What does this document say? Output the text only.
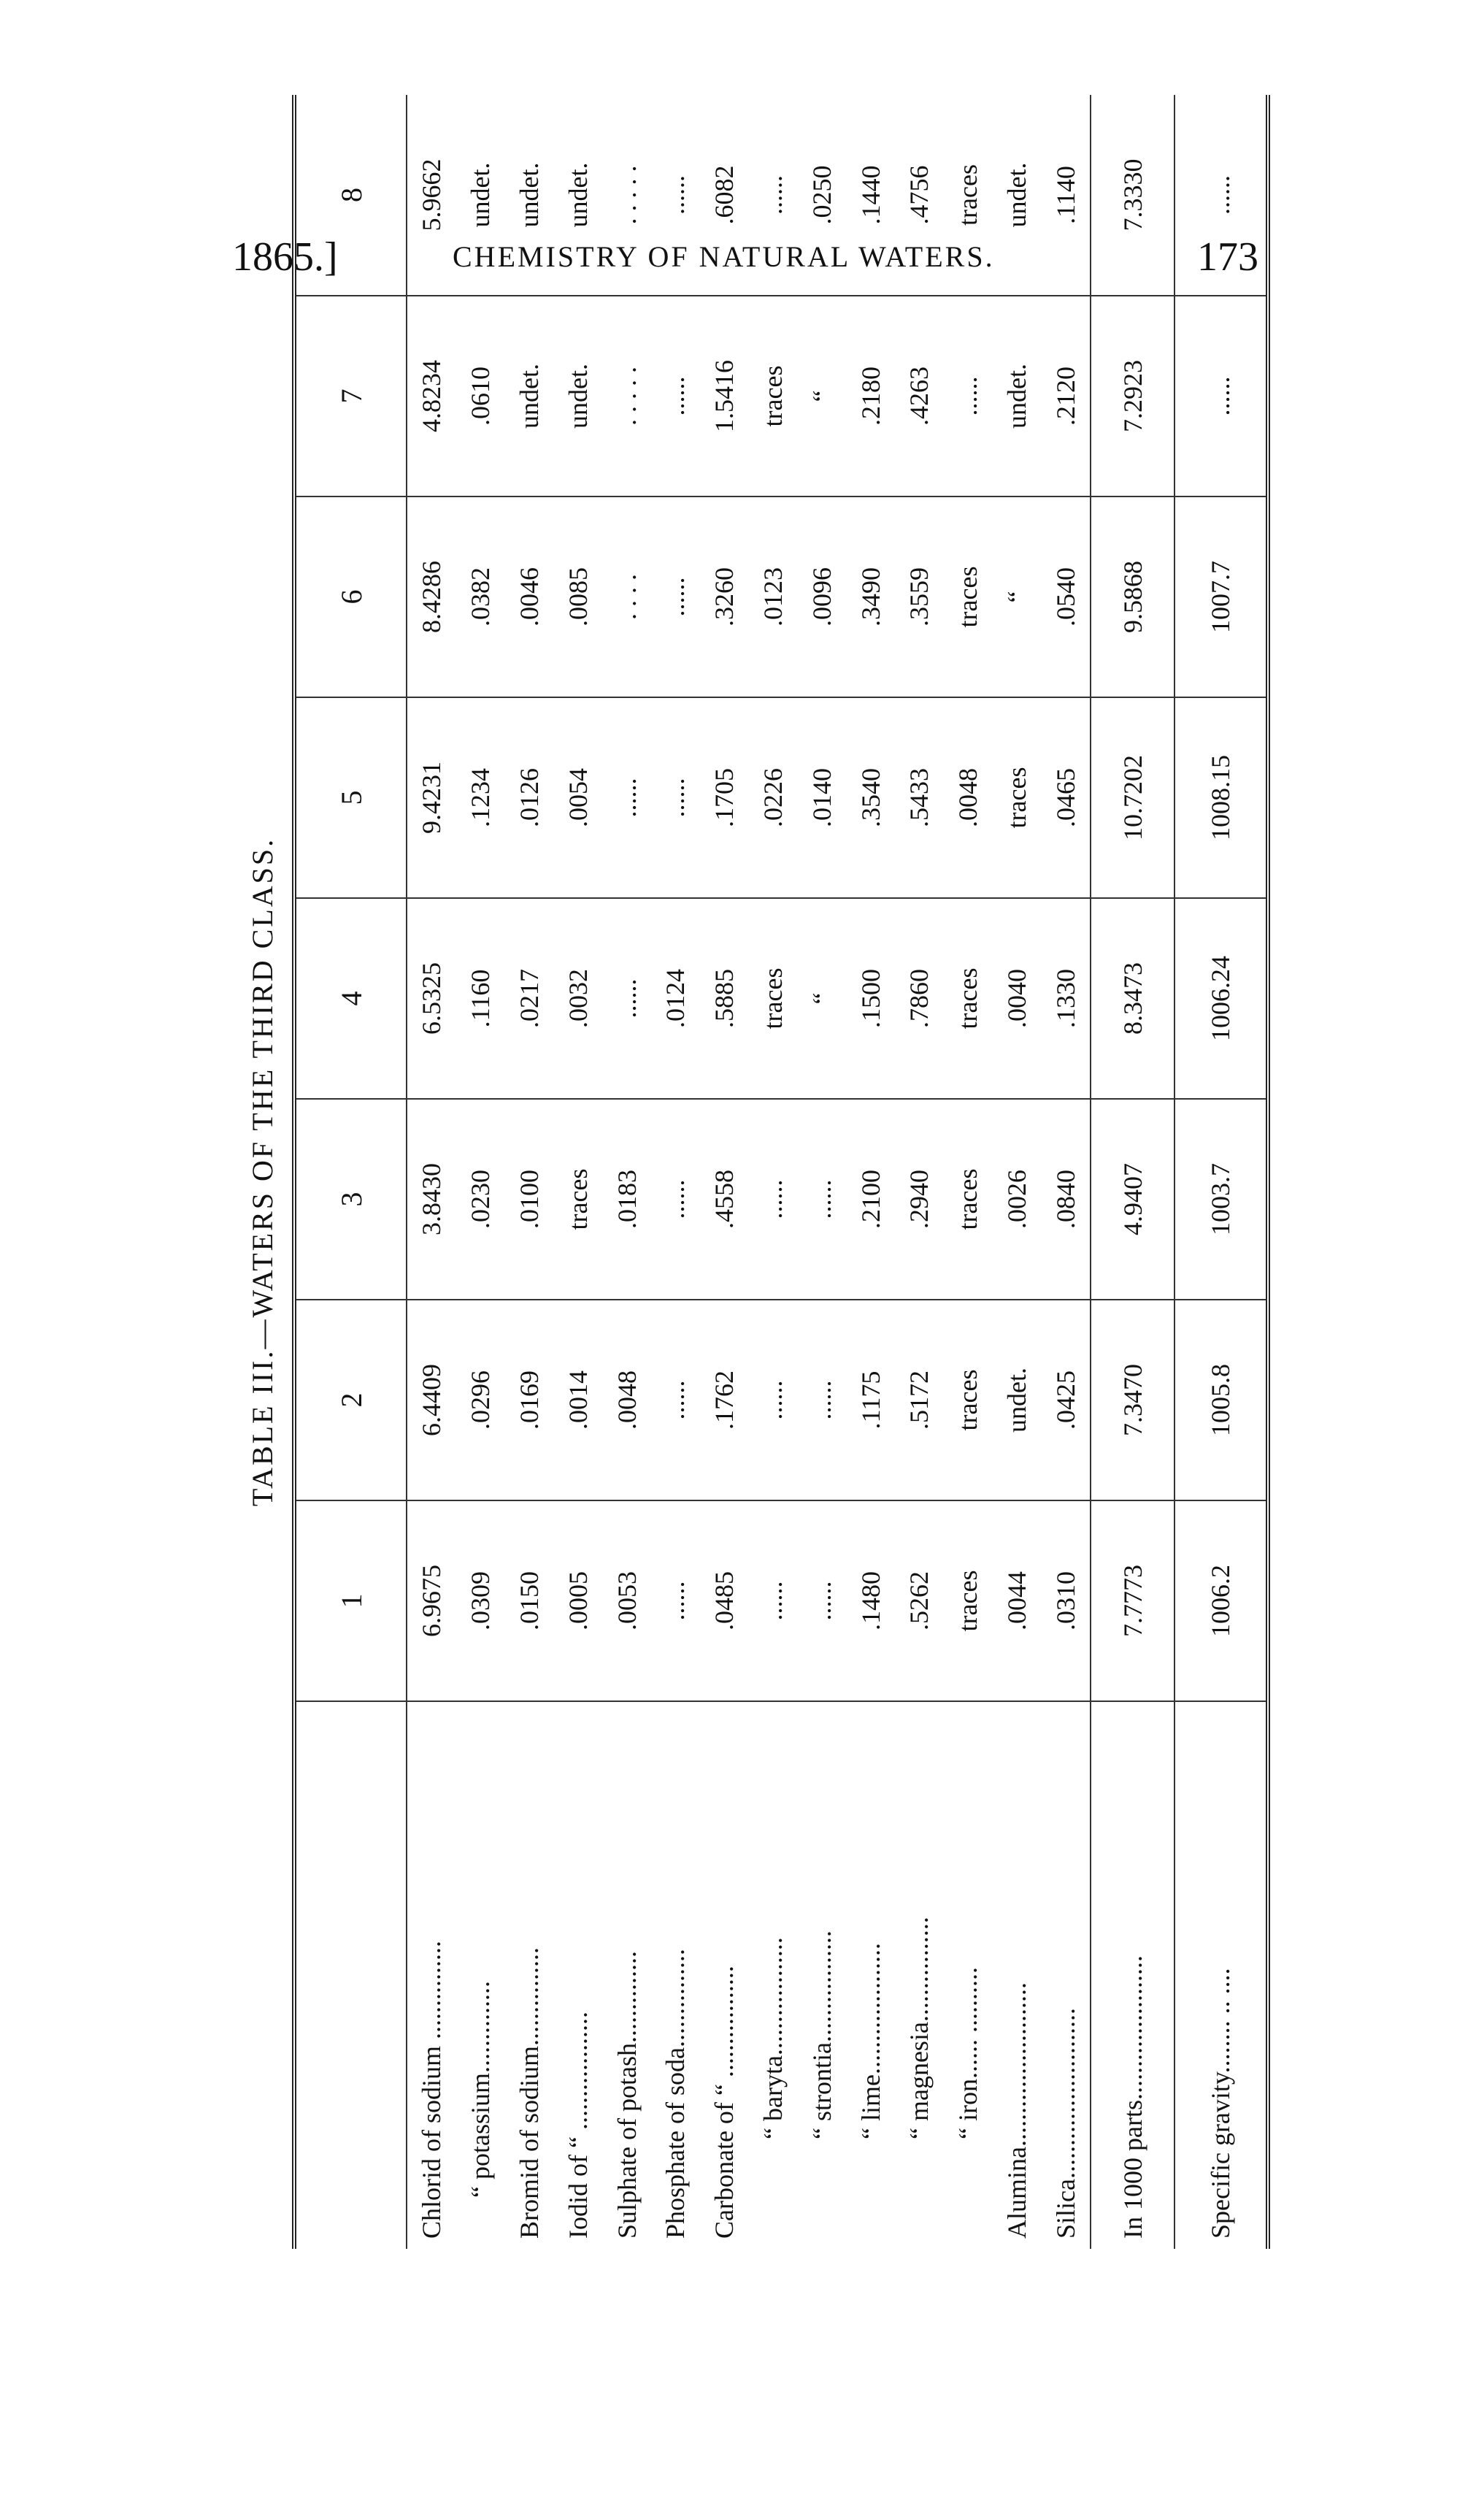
1865.]	CHEMISTRY OF NATURAL WATERS.	173
TABLE III.—WATERS OF THE THIRD CLASS.
	1	2	3	4	5	6	7	8
Chlorid of sodium ...............	6.9675	6.4409	3.8430	6.5325	9.4231	8.4286	4.8234	5.9662
“ potassium..............	.0309	.0296	.0230	.1160	.1234	.0382	.0610	undet.
Bromid of sodium...............	.0150	.0169	.0100	.0217	.0126	.0046	undet.	undet.
Iodid of “ ..................	.0005	.0014	traces	.0032	.0054	.0085	undet.	undet.
Sulphate of potash..............	.0053	.0048	.0183	......	......	. . . .	. . . . .	. . . . .
Phosphate of soda...............	......	......	......	.0124	......	......	......	......
Carbonate of “ .................	.0485	.1762	.4558	.5885	.1705	.3260	1.5416	.6082
“ baryta..................	......	......	......	traces	.0226	.0123	traces	......
“ strontia.................	......	......	......	“	.0140	.0096	“	.0250
“ lime....................	.1480	.1175	.2100	.1500	.3540	.3490	.2180	.1440
“ magnesia................	.5262	.5172	.2940	.7860	.5433	.3559	.4263	.4756
“ iron...... ..........	traces	traces	traces	traces	.0048	traces	......	traces
Alumina.........................	.0044	undet.	.0026	.0040	traces	“	undet.	undet.
Silica..........................	.0310	.0425	.0840	.1330	.0465	.0540	.2120	.1140
In 1000 parts......................	7.7773	7.3470	4.9407	8.3473	10.7202	9.5868	7.2923	7.3330
Specific gravity........ .. ....	1006.2	1005.8	1003.7	1006.24	1008.15	1007.7	......	......
